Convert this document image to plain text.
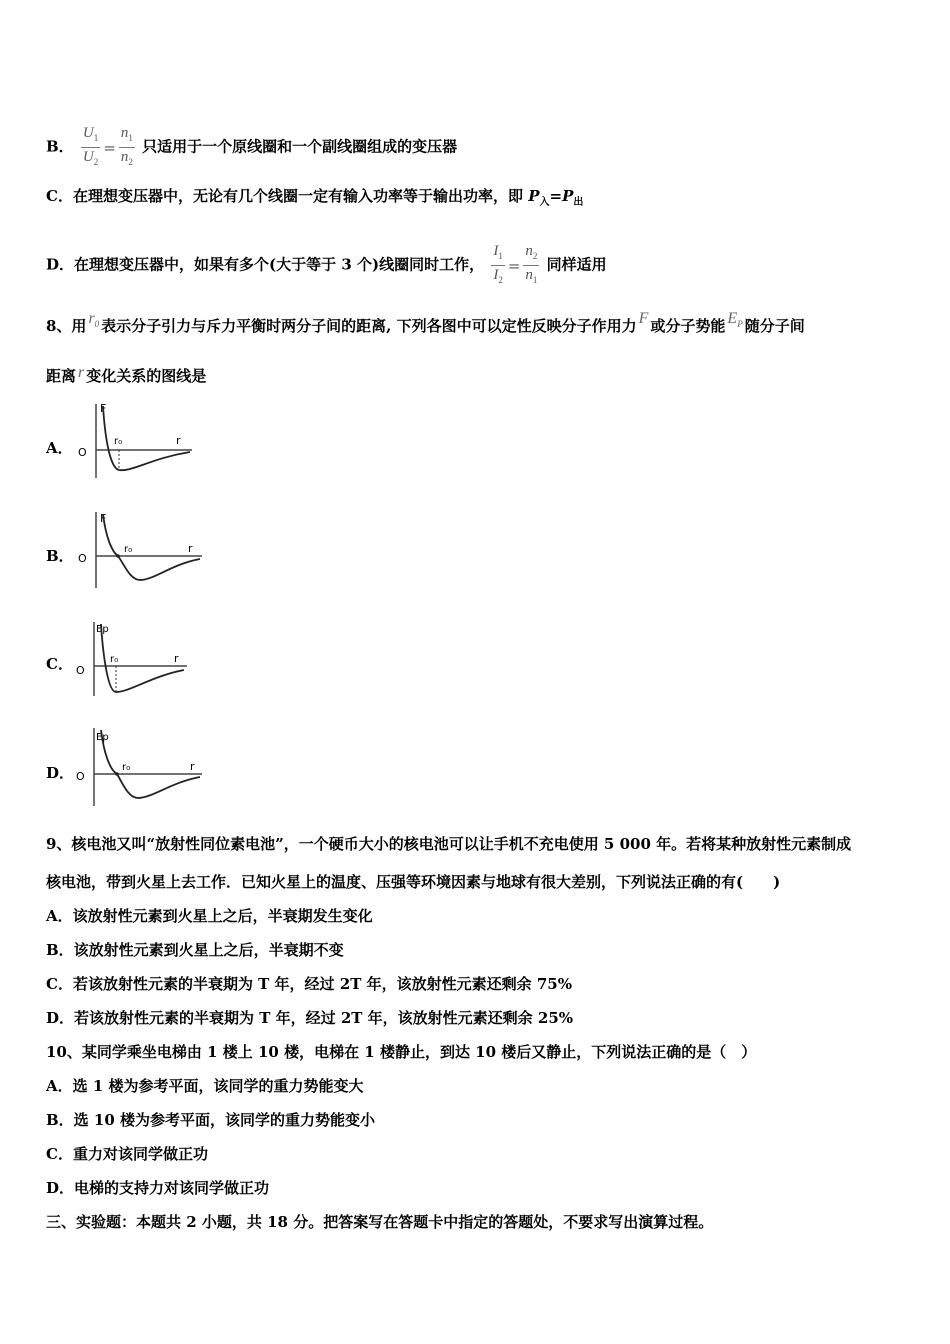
B． $\frac{U_1}{U_2} = \frac{n_1}{n_2}$ 只适用于一个原线圈和一个副线圈组成的变压器
C．在理想变压器中，无论有几个线圈一定有输入功率等于输出功率，即 $P_入=P_出$
D．在理想变压器中，如果有多个(大于等于 3 个)线圈同时工作， $\frac{I_1}{I_2} = \frac{n_2}{n_1}$ 同样适用
8、用 $r_0$ 表示分子引力与斥力平衡时两分子间的距离, 下列各图中可以定性反映分子作用力 F 或分子势能 $E_P$ 随分子间
距离 r 变化关系的图线是
A．
F
O
r₀	r
B．
F
O
r₀	r
C．
Ep
O
r₀	r
D．
Ep
O
r₀	r
9、核电池又叫“放射性同位素电池”，一个硬币大小的核电池可以让手机不充电使用 5 000 年。若将某种放射性元素制成
核电池，带到火星上去工作．已知火星上的温度、压强等环境因素与地球有很大差别，下列说法正确的有(　　)
A．该放射性元素到火星上之后，半衰期发生变化
B．该放射性元素到火星上之后，半衰期不变
C．若该放射性元素的半衰期为 T 年，经过 2T 年，该放射性元素还剩余 75%
D．若该放射性元素的半衰期为 T 年，经过 2T 年，该放射性元素还剩余 25%
10、某同学乘坐电梯由 1 楼上 10 楼，电梯在 1 楼静止，到达 10 楼后又静止，下列说法正确的是（　）
A．选 1 楼为参考平面，该同学的重力势能变大
B．选 10 楼为参考平面，该同学的重力势能变小
C．重力对该同学做正功
D．电梯的支持力对该同学做正功
三、实验题：本题共 2 小题，共 18 分。把答案写在答题卡中指定的答题处，不要求写出演算过程。
